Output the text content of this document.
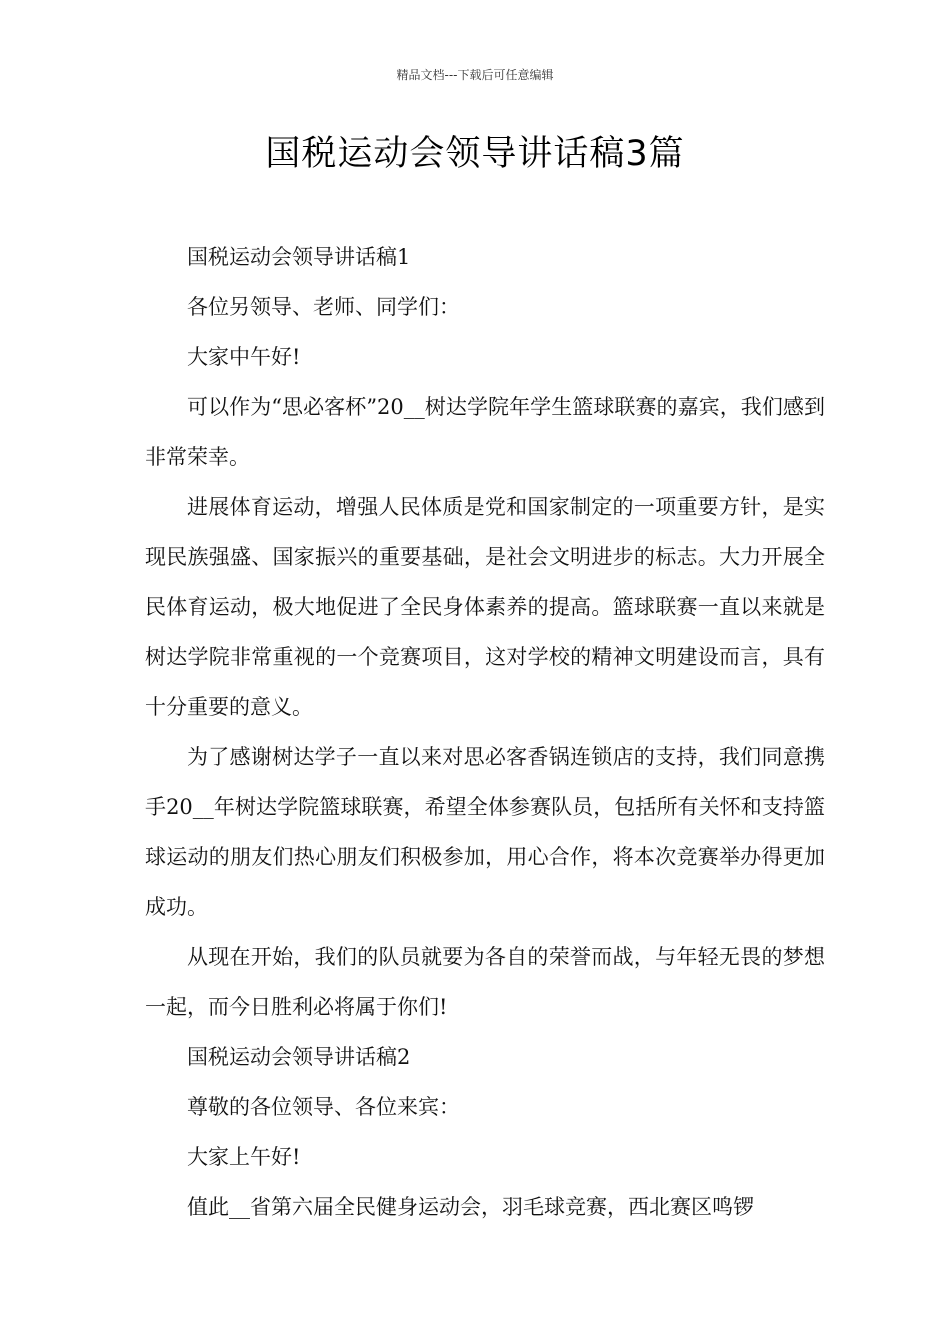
精品文档---下载后可任意编辑
国税运动会领导讲话稿3篇

国税运动会领导讲话稿1

各位另领导、老师、同学们：

大家中午好!

可以作为“思必客杯”20__树达学院年学生篮球联赛的嘉宾，我们感到非常荣幸。

进展体育运动，增强人民体质是党和国家制定的一项重要方针，是实现民族强盛、国家振兴的重要基础，是社会文明进步的标志。大力开展全民体育运动，极大地促进了全民身体素养的提高。篮球联赛一直以来就是树达学院非常重视的一个竞赛项目，这对学校的精神文明建设而言，具有十分重要的意义。

为了感谢树达学子一直以来对思必客香锅连锁店的支持，我们同意携手20__年树达学院篮球联赛，希望全体参赛队员，包括所有关怀和支持篮球运动的朋友们热心朋友们积极参加，用心合作，将本次竞赛举办得更加成功。

从现在开始，我们的队员就要为各自的荣誉而战，与年轻无畏的梦想一起，而今日胜利必将属于你们!

国税运动会领导讲话稿2

尊敬的各位领导、各位来宾：

大家上午好!

值此__省第六届全民健身运动会，羽毛球竞赛，西北赛区鸣锣
